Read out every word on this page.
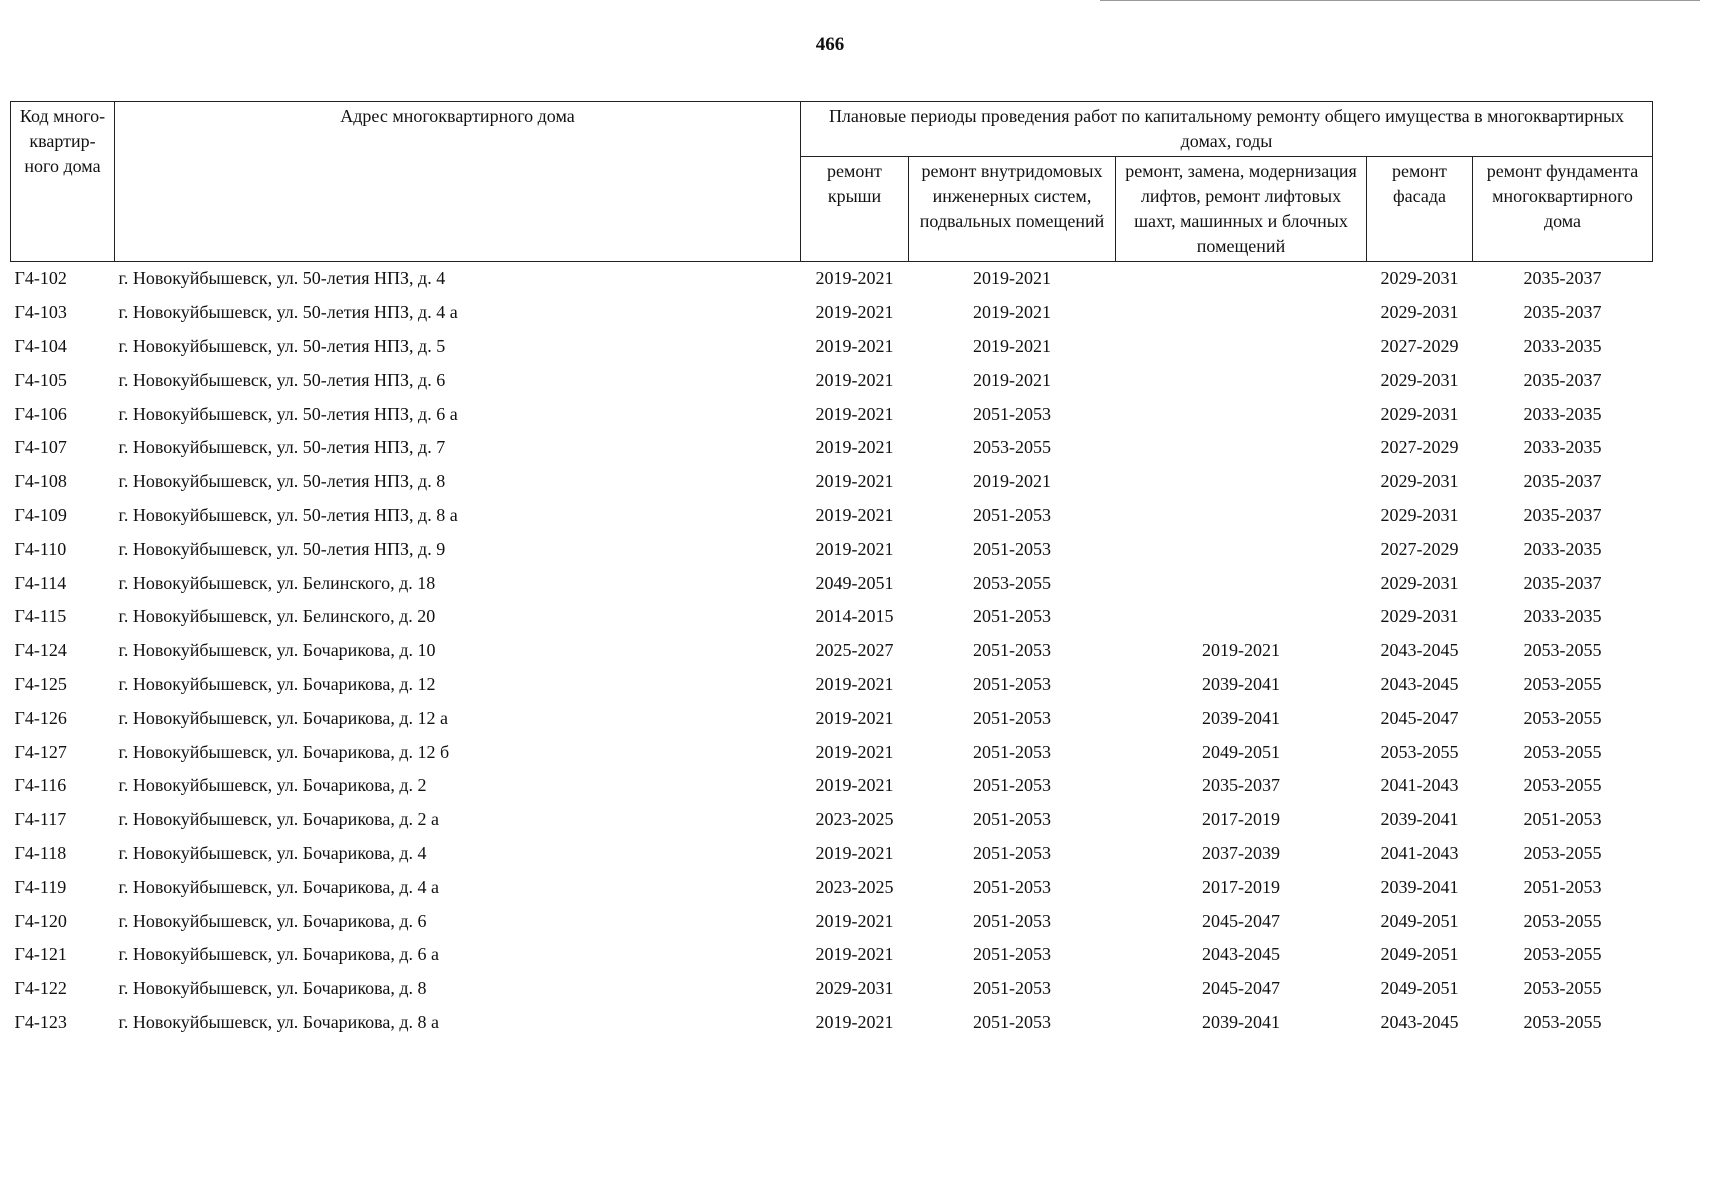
466
Код много-квартир-ного дома	Адрес многоквартирного дома	Плановые периоды проведения работ по капитальному ремонту общего имущества в многоквартирных домах, годы				
		ремонт крыши	ремонт внутридомовых инженерных систем, подвальных помещений	ремонт, замена, модернизация лифтов, ремонт лифтовых шахт, машинных и блочных помещений	ремонт фасада	ремонт фундамента многоквартирного дома
Г4-102	г. Новокуйбышевск, ул. 50-летия НПЗ, д. 4	2019-2021	2019-2021		2029-2031	2035-2037
Г4-103	г. Новокуйбышевск, ул. 50-летия НПЗ, д. 4 а	2019-2021	2019-2021		2029-2031	2035-2037
Г4-104	г. Новокуйбышевск, ул. 50-летия НПЗ, д. 5	2019-2021	2019-2021		2027-2029	2033-2035
Г4-105	г. Новокуйбышевск, ул. 50-летия НПЗ, д. 6	2019-2021	2019-2021		2029-2031	2035-2037
Г4-106	г. Новокуйбышевск, ул. 50-летия НПЗ, д. 6 а	2019-2021	2051-2053		2029-2031	2033-2035
Г4-107	г. Новокуйбышевск, ул. 50-летия НПЗ, д. 7	2019-2021	2053-2055		2027-2029	2033-2035
Г4-108	г. Новокуйбышевск, ул. 50-летия НПЗ, д. 8	2019-2021	2019-2021		2029-2031	2035-2037
Г4-109	г. Новокуйбышевск, ул. 50-летия НПЗ, д. 8 а	2019-2021	2051-2053		2029-2031	2035-2037
Г4-110	г. Новокуйбышевск, ул. 50-летия НПЗ, д. 9	2019-2021	2051-2053		2027-2029	2033-2035
Г4-114	г. Новокуйбышевск, ул. Белинского, д. 18	2049-2051	2053-2055		2029-2031	2035-2037
Г4-115	г. Новокуйбышевск, ул. Белинского, д. 20	2014-2015	2051-2053		2029-2031	2033-2035
Г4-124	г. Новокуйбышевск, ул. Бочарикова, д. 10	2025-2027	2051-2053	2019-2021	2043-2045	2053-2055
Г4-125	г. Новокуйбышевск, ул. Бочарикова, д. 12	2019-2021	2051-2053	2039-2041	2043-2045	2053-2055
Г4-126	г. Новокуйбышевск, ул. Бочарикова, д. 12 а	2019-2021	2051-2053	2039-2041	2045-2047	2053-2055
Г4-127	г. Новокуйбышевск, ул. Бочарикова, д. 12 б	2019-2021	2051-2053	2049-2051	2053-2055	2053-2055
Г4-116	г. Новокуйбышевск, ул. Бочарикова, д. 2	2019-2021	2051-2053	2035-2037	2041-2043	2053-2055
Г4-117	г. Новокуйбышевск, ул. Бочарикова, д. 2 а	2023-2025	2051-2053	2017-2019	2039-2041	2051-2053
Г4-118	г. Новокуйбышевск, ул. Бочарикова, д. 4	2019-2021	2051-2053	2037-2039	2041-2043	2053-2055
Г4-119	г. Новокуйбышевск, ул. Бочарикова, д. 4 а	2023-2025	2051-2053	2017-2019	2039-2041	2051-2053
Г4-120	г. Новокуйбышевск, ул. Бочарикова, д. 6	2019-2021	2051-2053	2045-2047	2049-2051	2053-2055
Г4-121	г. Новокуйбышевск, ул. Бочарикова, д. 6 а	2019-2021	2051-2053	2043-2045	2049-2051	2053-2055
Г4-122	г. Новокуйбышевск, ул. Бочарикова, д. 8	2029-2031	2051-2053	2045-2047	2049-2051	2053-2055
Г4-123	г. Новокуйбышевск, ул. Бочарикова, д. 8 а	2019-2021	2051-2053	2039-2041	2043-2045	2053-2055
